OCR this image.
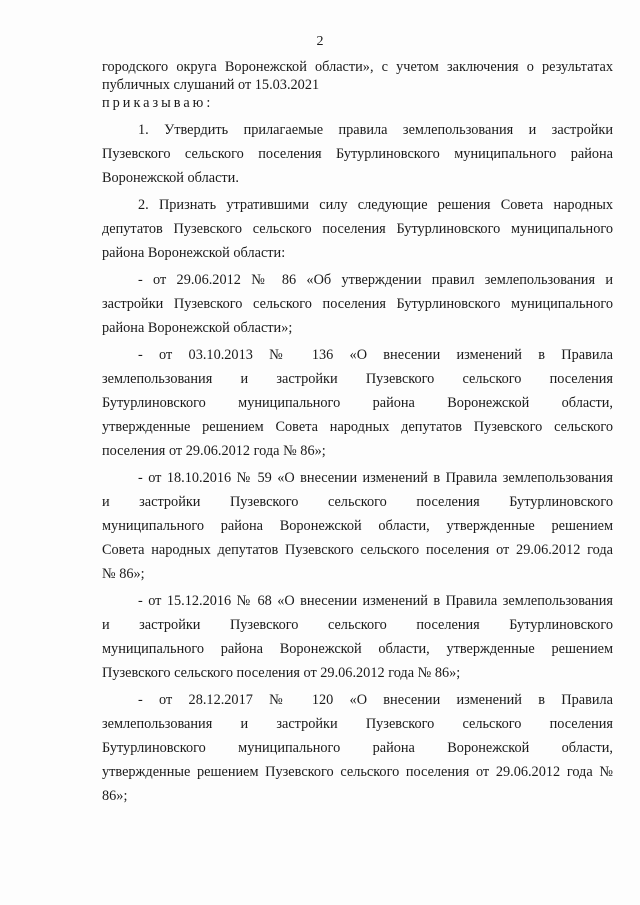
2
городского округа Воронежской области», с учетом заключения о результатах
публичных слушаний от 15.03.2021
приказываю:
1. Утвердить прилагаемые правила землепользования и застройки
Пузевского сельского поселения Бутурлиновского муниципального района
Воронежской области.
2. Признать утратившими силу следующие решения Совета народных
депутатов Пузевского сельского поселения Бутурлиновского муниципального
района Воронежской области:
- от 29.06.2012 № 86 «Об утверждении правил землепользования и
застройки Пузевского сельского поселения Бутурлиновского муниципального
района Воронежской области»;
- от 03.10.2013 № 136 «О внесении изменений в Правила
землепользования и застройки Пузевского сельского поселения
Бутурлиновского муниципального района Воронежской области,
утвержденные решением Совета народных депутатов Пузевского сельского
поселения от 29.06.2012 года № 86»;
- от 18.10.2016 № 59 «О внесении изменений в Правила землепользования
и застройки Пузевского сельского поселения Бутурлиновского
муниципального района Воронежской области, утвержденные решением
Совета народных депутатов Пузевского сельского поселения от 29.06.2012 года
№ 86»;
- от 15.12.2016 № 68 «О внесении изменений в Правила землепользования
и застройки Пузевского сельского поселения Бутурлиновского
муниципального района Воронежской области, утвержденные решением
Пузевского сельского поселения от 29.06.2012 года № 86»;
- от 28.12.2017 № 120 «О внесении изменений в Правила
землепользования и застройки Пузевского сельского поселения
Бутурлиновского муниципального района Воронежской области,
утвержденные решением Пузевского сельского поселения от 29.06.2012 года №
86»;
